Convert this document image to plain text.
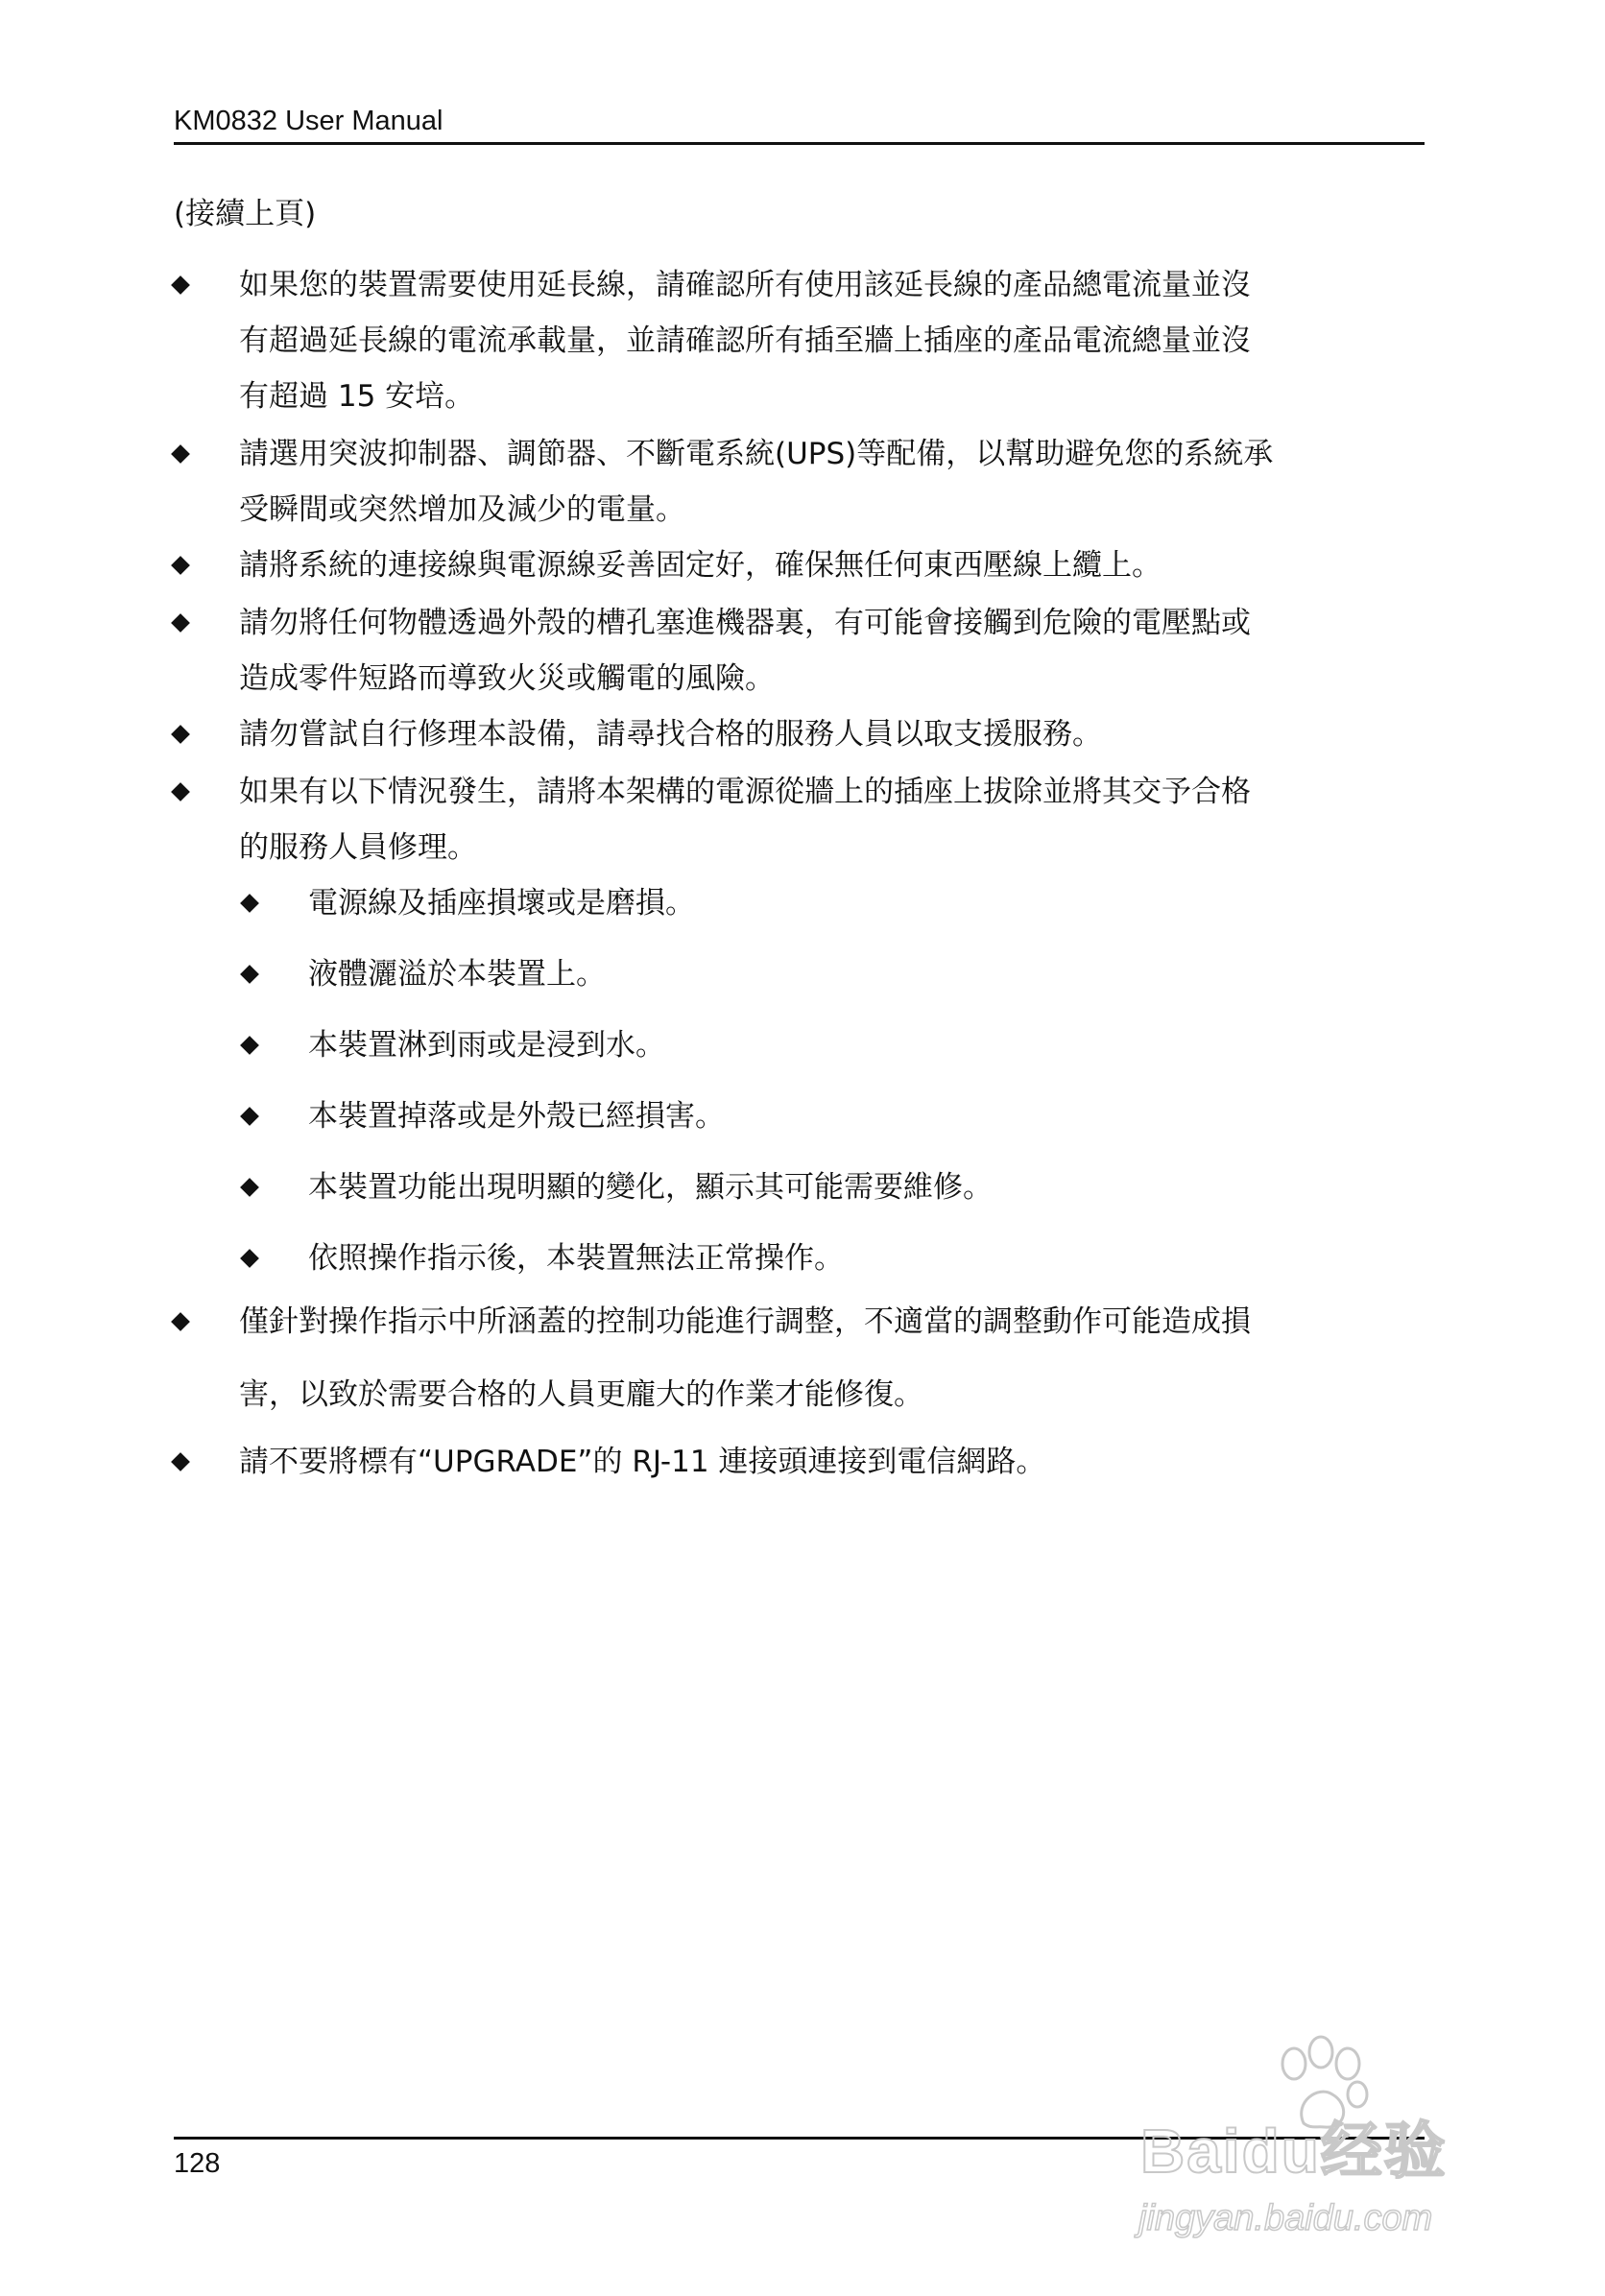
KM0832 User Manual
(接續上頁)
如果您的裝置需要使用延長線，請確認所有使用該延長線的產品總電流量並沒
有超過延長線的電流承載量，並請確認所有插至牆上插座的產品電流總量並沒
有超過 15 安培。
請選用突波抑制器、調節器、不斷電系統(UPS)等配備，以幫助避免您的系統承
受瞬間或突然增加及減少的電量。
請將系統的連接線與電源線妥善固定好，確保無任何東西壓線上纜上。
請勿將任何物體透過外殼的槽孔塞進機器裏，有可能會接觸到危險的電壓點或
造成零件短路而導致火災或觸電的風險。
請勿嘗試自行修理本設備，請尋找合格的服務人員以取支援服務。
如果有以下情況發生，請將本架構的電源從牆上的插座上拔除並將其交予合格
的服務人員修理。
電源線及插座損壞或是磨損。
液體灑溢於本裝置上。
本裝置淋到雨或是浸到水。
本裝置掉落或是外殼已經損害。
本裝置功能出現明顯的變化，顯示其可能需要維修。
依照操作指示後，本裝置無法正常操作。
僅針對操作指示中所涵蓋的控制功能進行調整，不適當的調整動作可能造成損
害，以致於需要合格的人員更龐大的作業才能修復。
請不要將標有“UPGRADE”的 RJ-11 連接頭連接到電信網路。
128	Baidu经验
jingyan.baidu.com
